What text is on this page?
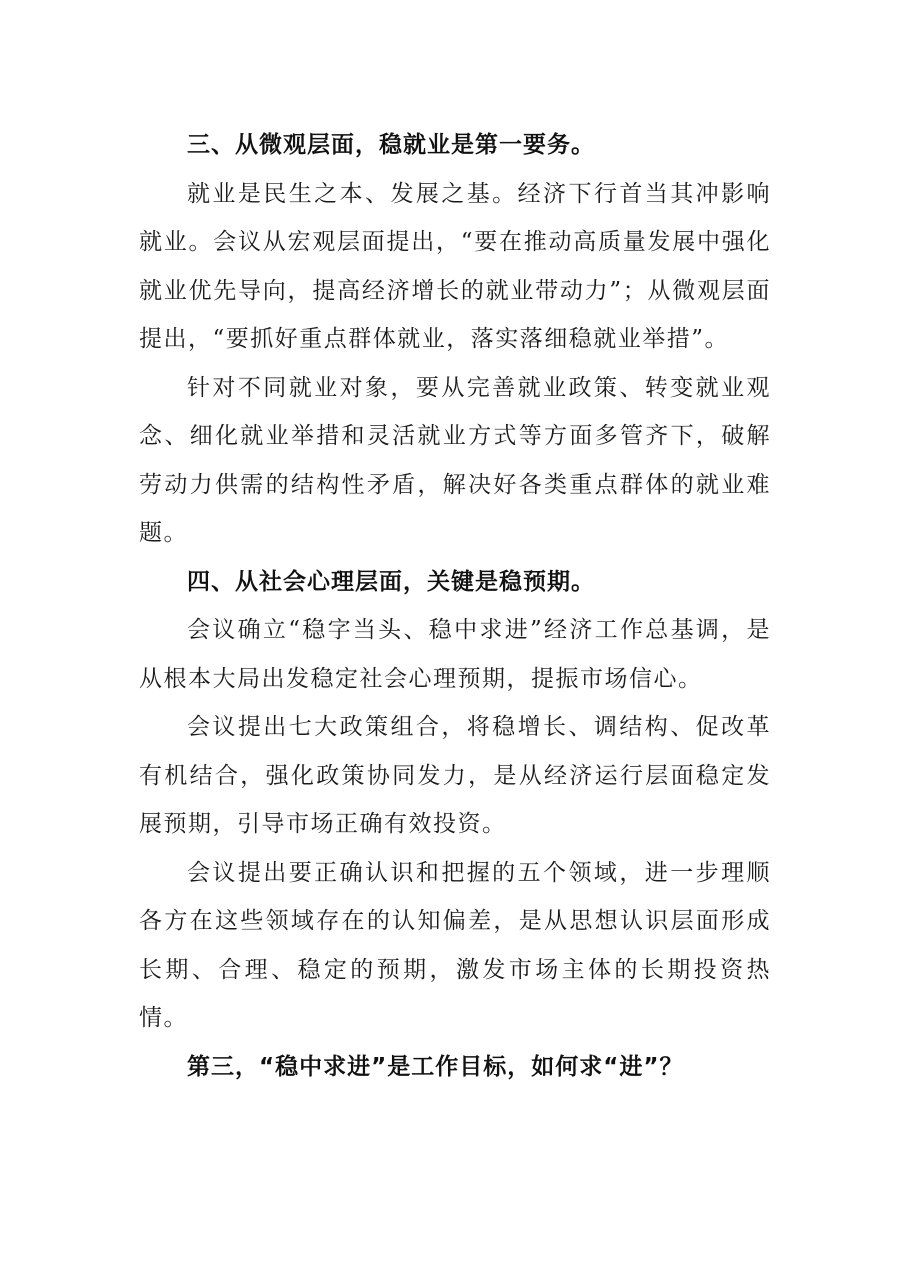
三、从微观层面，稳就业是第一要务。

就业是民生之本、发展之基。经济下行首当其冲影响就业。会议从宏观层面提出，“要在推动高质量发展中强化就业优先导向，提高经济增长的就业带动力”；从微观层面提出，“要抓好重点群体就业，落实落细稳就业举措”。

针对不同就业对象，要从完善就业政策、转变就业观念、细化就业举措和灵活就业方式等方面多管齐下，破解劳动力供需的结构性矛盾，解决好各类重点群体的就业难题。

四、从社会心理层面，关键是稳预期。

会议确立“稳字当头、稳中求进”经济工作总基调，是从根本大局出发稳定社会心理预期，提振市场信心。

会议提出七大政策组合，将稳增长、调结构、促改革有机结合，强化政策协同发力，是从经济运行层面稳定发展预期，引导市场正确有效投资。

会议提出要正确认识和把握的五个领域，进一步理顺各方在这些领域存在的认知偏差，是从思想认识层面形成长期、合理、稳定的预期，激发市场主体的长期投资热情。

第三，“稳中求进”是工作目标，如何求“进”？
